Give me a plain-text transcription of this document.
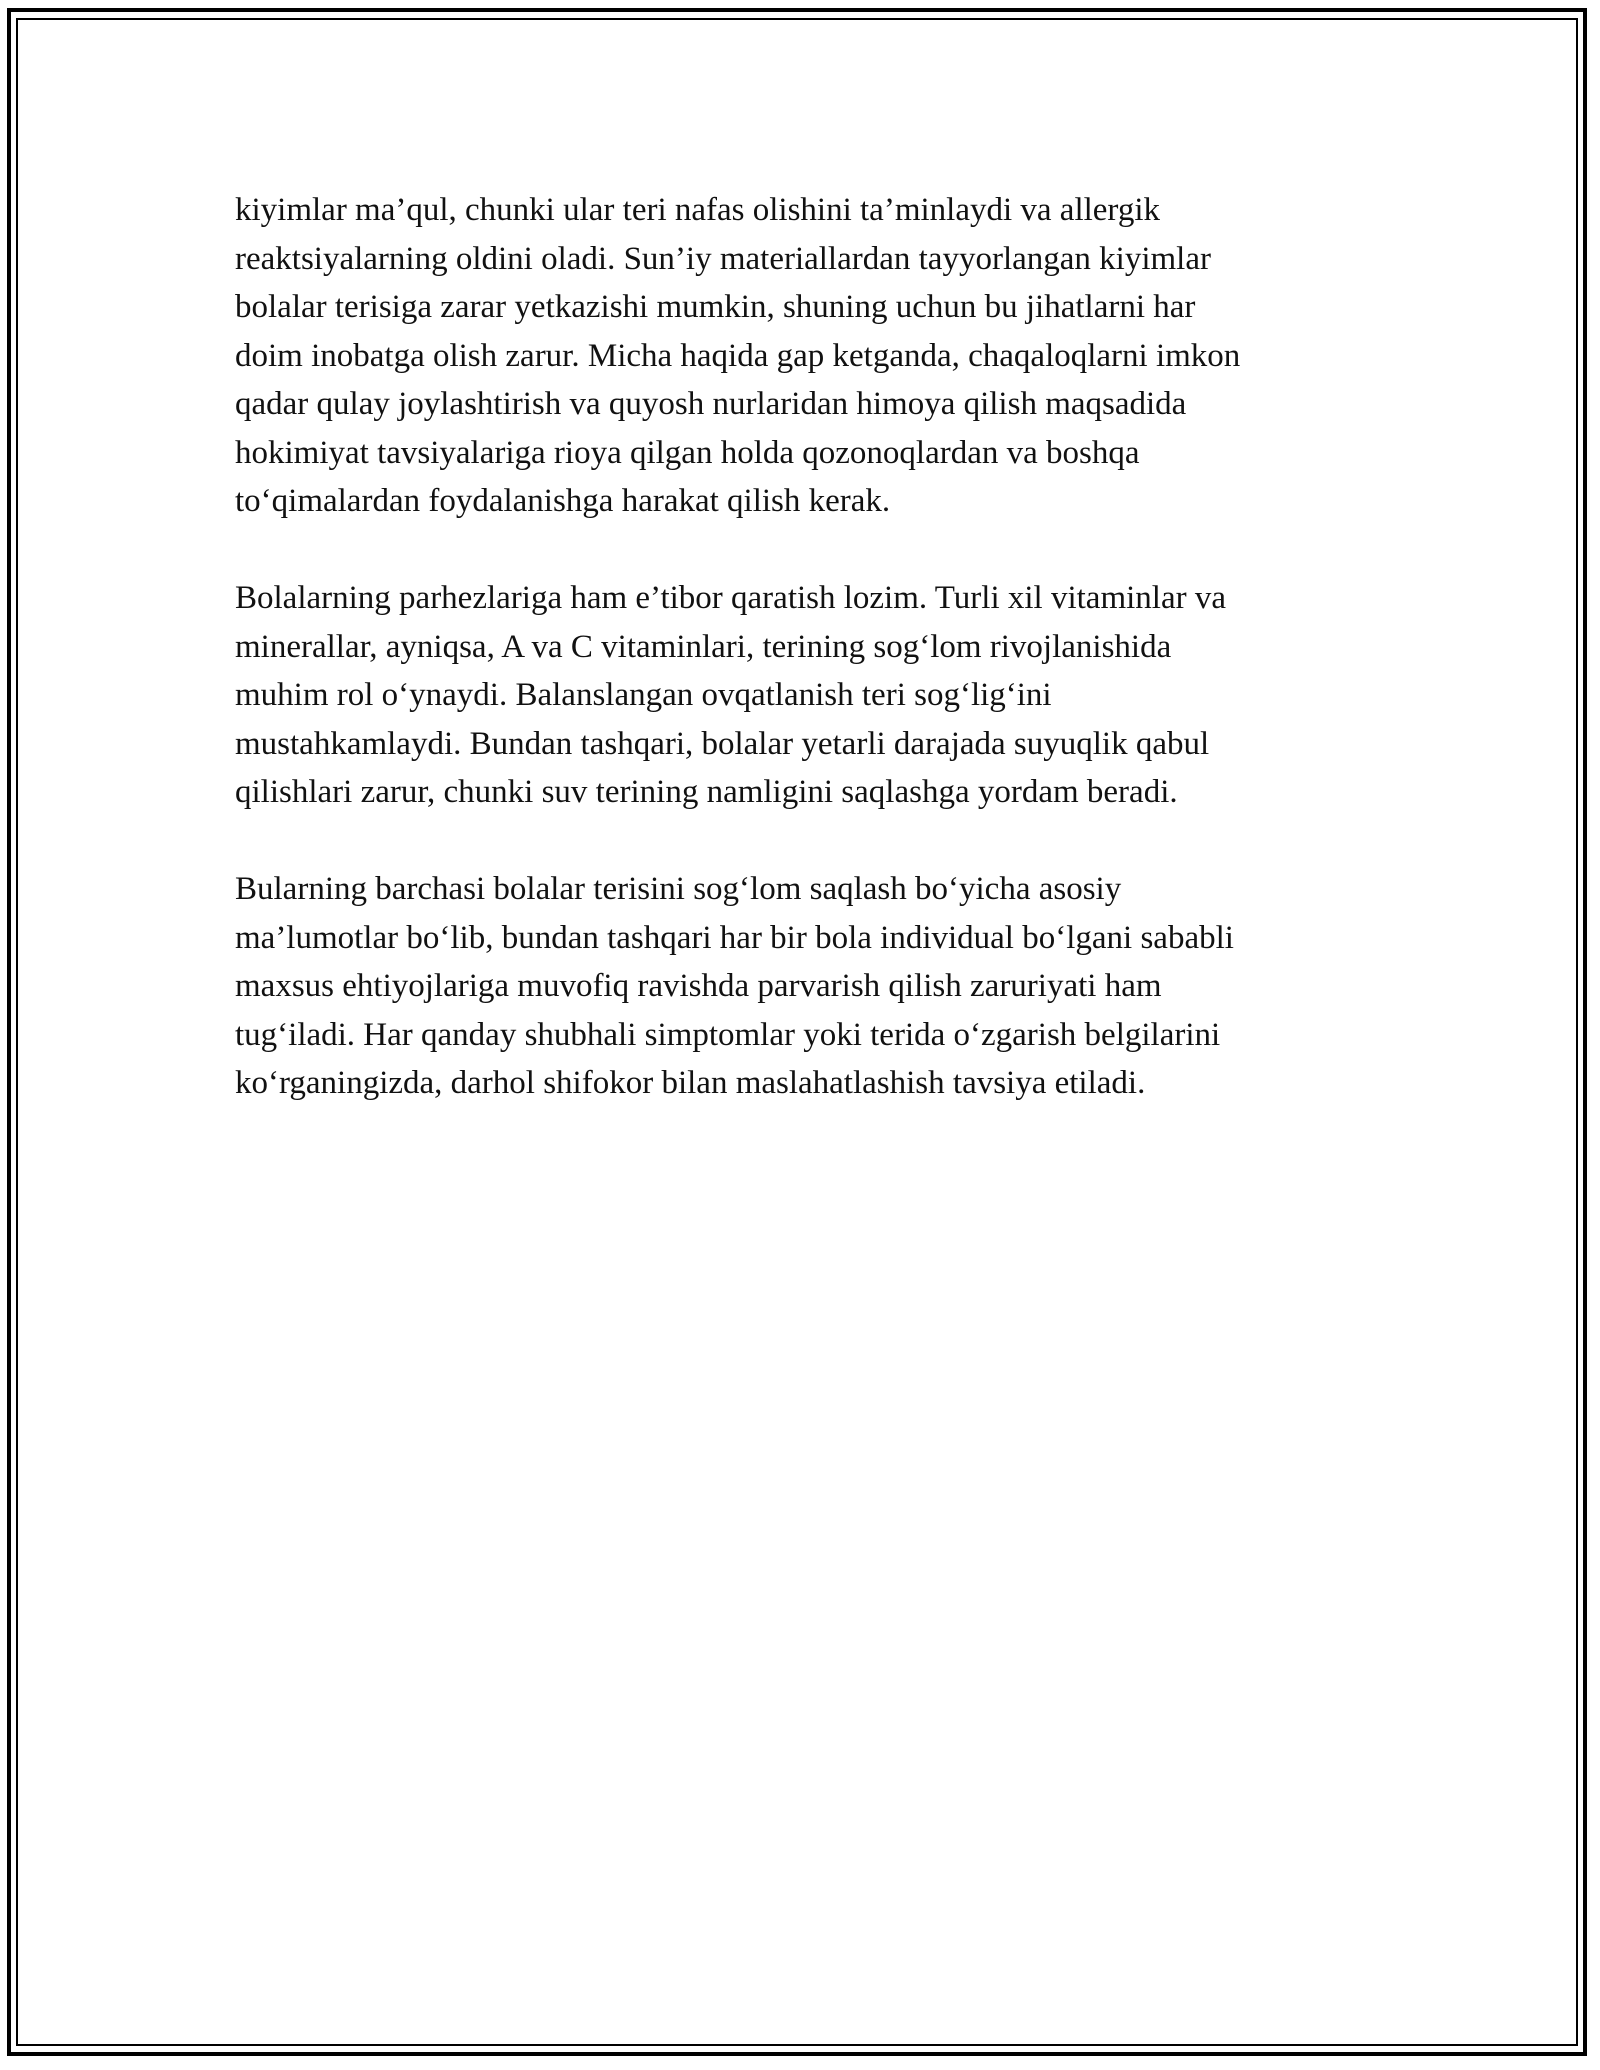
kiyimlar ma’qul, chunki ular teri nafas olishini ta’minlaydi va allergik
reaktsiyalarning oldini oladi. Sun’iy materiallardan tayyorlangan kiyimlar
bolalar terisiga zarar yetkazishi mumkin, shuning uchun bu jihatlarni har
doim inobatga olish zarur. Micha haqida gap ketganda, chaqaloqlarni imkon
qadar qulay joylashtirish va quyosh nurlaridan himoya qilish maqsadida
hokimiyat tavsiyalariga rioya qilgan holda qozonoqlardan va boshqa
to‘qimalardan foydalanishga harakat qilish kerak.

Bolalarning parhezlariga ham e’tibor qaratish lozim. Turli xil vitaminlar va
minerallar, ayniqsa, A va C vitaminlari, terining sog‘lom rivojlanishida
muhim rol o‘ynaydi. Balanslangan ovqatlanish teri sog‘lig‘ini
mustahkamlaydi. Bundan tashqari, bolalar yetarli darajada suyuqlik qabul
qilishlari zarur, chunki suv terining namligini saqlashga yordam beradi.

Bularning barchasi bolalar terisini sog‘lom saqlash bo‘yicha asosiy
ma’lumotlar bo‘lib, bundan tashqari har bir bola individual bo‘lgani sababli
maxsus ehtiyojlariga muvofiq ravishda parvarish qilish zaruriyati ham
tug‘iladi. Har qanday shubhali simptomlar yoki terida o‘zgarish belgilarini
ko‘rganingizda, darhol shifokor bilan maslahatlashish tavsiya etiladi.
